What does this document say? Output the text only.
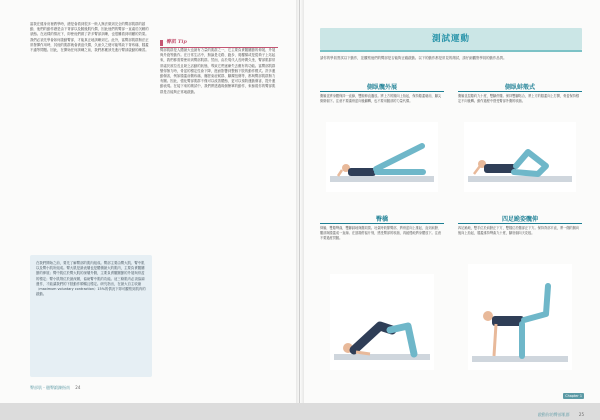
當我在健身房裡教學時，總是會看到很多一般人無法做到完全的臀部肌群的啟動，他們的動作總是由下背部以及腿後肌代償，因此他們的臀部一直處於沉睡的狀態。在這樣的情況下，即使他們做了許多臀部訓練，也很難看到明顯的效果。我們必須先學會如何啟動臀部，才能真正地訓練到它。此外，當臀部肌群無法正常發揮作用時，其他的肌群就會被迫代償，久而久之便可能導致下背疼痛、膝蓋不適等問題。因此，在開始任何訓練之前，我們都應該先進行臀部啟動的練習。
臀肌 Tip
臀部肌群是人體最大也最有力量的肌群之一，它主要負責髖關節的伸展、外展與外旋等動作。在日常生活中，無論是走路、跑步、爬樓梯或是從椅子上站起來，我們都需要使用到臀部肌群。然而，由於現代人長時間久坐，臀部肌群常常處於被拉長且缺乏活動的狀態，導致它們逐漸失去應有的功能。當臀部肌群變得無力時，骨盆的穩定性會下降，進而影響到整個下肢的動作模式。許多運動傷害，例如膝蓋前側疼痛、髂脛束症候群、腳踝扭傷等，都與臀部肌群無力有關。因此，強化臀部肌群不僅可以改善體態，更可以預防運動傷害，提升運動表現。在接下來的測試中，我們將透過幾個簡單的動作，來檢視你的臀部肌群是否能夠正常地啟動。
在我們開始之前，要先了解臀部的肌肉組成。臀部主要由臀大肌、臀中肌以及臀小肌所組成。臀大肌是最表層也是體積最大的肌肉，主要負責髖關節的伸展；臀中肌位於臀大肌的深層外側，主要負責髖關節的外展與骨盆的穩定；臀小肌則位於最深層，協助臀中肌的功能。這三條肌肉必須協調運作，才能讓我們的下肢動作順暢且穩定。研究指出，在最大自主收縮（maximum voluntary contraction）15%的情況下即可觀察到肌肉的啟動。
臀部肌・翹臀鍛鍊指南 24
測試運動
請你的學員嘗試以下動作，並觀察他們的臀部是否能夠正確啟動。以下的動作都是常見的測試，請仔細觀察學員的動作品質。
側臥髖外展
側躺並將身體保持一直線，雙腿伸直疊放。將上方的腿向上抬起，保持膝蓋朝前，腳尖微微朝下。注意不要讓骨盆向後翻轉，也不要用腰部的力量代償。
側臥蚌殼式
側躺並屈膝約九十度，雙腳併攏。保持雙腳貼合，將上方的膝蓋向上打開，骨盆保持穩定不向後轉。動作過程中感受臀部外側的收縮。
臀橋
仰躺，雙膝彎曲，雙腳踩地與髖同寬。吐氣時收緊臀部，將骨盆向上推起，直到肩膀、髖部與膝蓋成一直線。在頂端停留片刻，感受臀部的收縮，再緩慢地將身體放下。注意不要過度拱腰。
四足跪姿髖伸
四足跪地，雙手位於肩膀正下方，雙膝位於髖部正下方。保持背部平直，將一側的腿向後向上抬起，膝蓋維持彎曲九十度，腳底朝向天花板。
Chapter 1
啟動你的臀部肌群 25
